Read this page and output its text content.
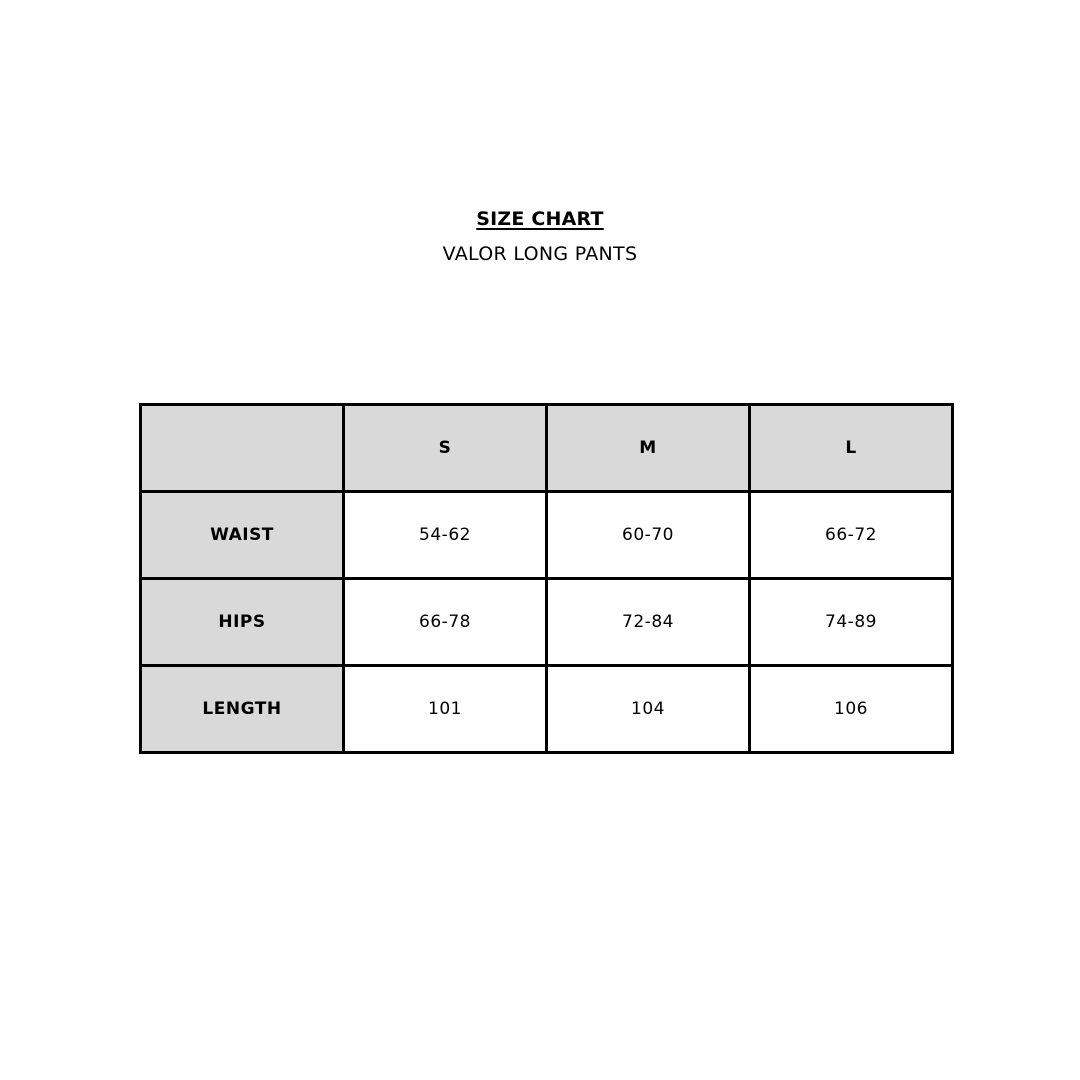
SIZE CHART
VALOR LONG PANTS
	S	M	L
WAIST	54-62	60-70	66-72
HIPS	66-78	72-84	74-89
LENGTH	101	104	106
